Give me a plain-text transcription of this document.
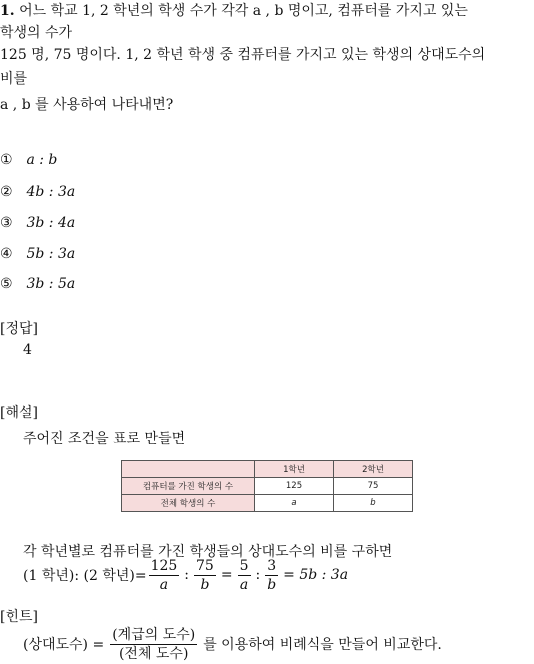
1. 어느 학교 1, 2 학년의 학생 수가 각각 a , b 명이고, 컴퓨터를 가지고 있는
학생의 수가
125 명, 75 명이다. 1, 2 학년 학생 중 컴퓨터를 가지고 있는 학생의 상대도수의
비를
a , b 를 사용하여 나타내면?
① a : b
② 4b : 3a
③ 3b : 4a
④ 5b : 3a
⑤ 3b : 5a
[정답]
4
[해설]
주어진 조건을 표로 만들면
	1학년	2학년
컴퓨터를 가진 학생의 수	125	75
전체 학생의 수	a	b
각 학년별로 컴퓨터를 가진 학생들의 상대도수의 비를 구하면
(1 학년): (2 학년)= $\frac{125}{a}$ : $\frac{75}{b} = \frac{5}{a}$ : $\frac{3}{b} = 5b$ : 3a
[힌트]
(상대도수) = $\frac{\text{(계급의 도수)}}{\text{(전체 도수)}}$ 를 이용하여 비례식을 만들어 비교한다.
